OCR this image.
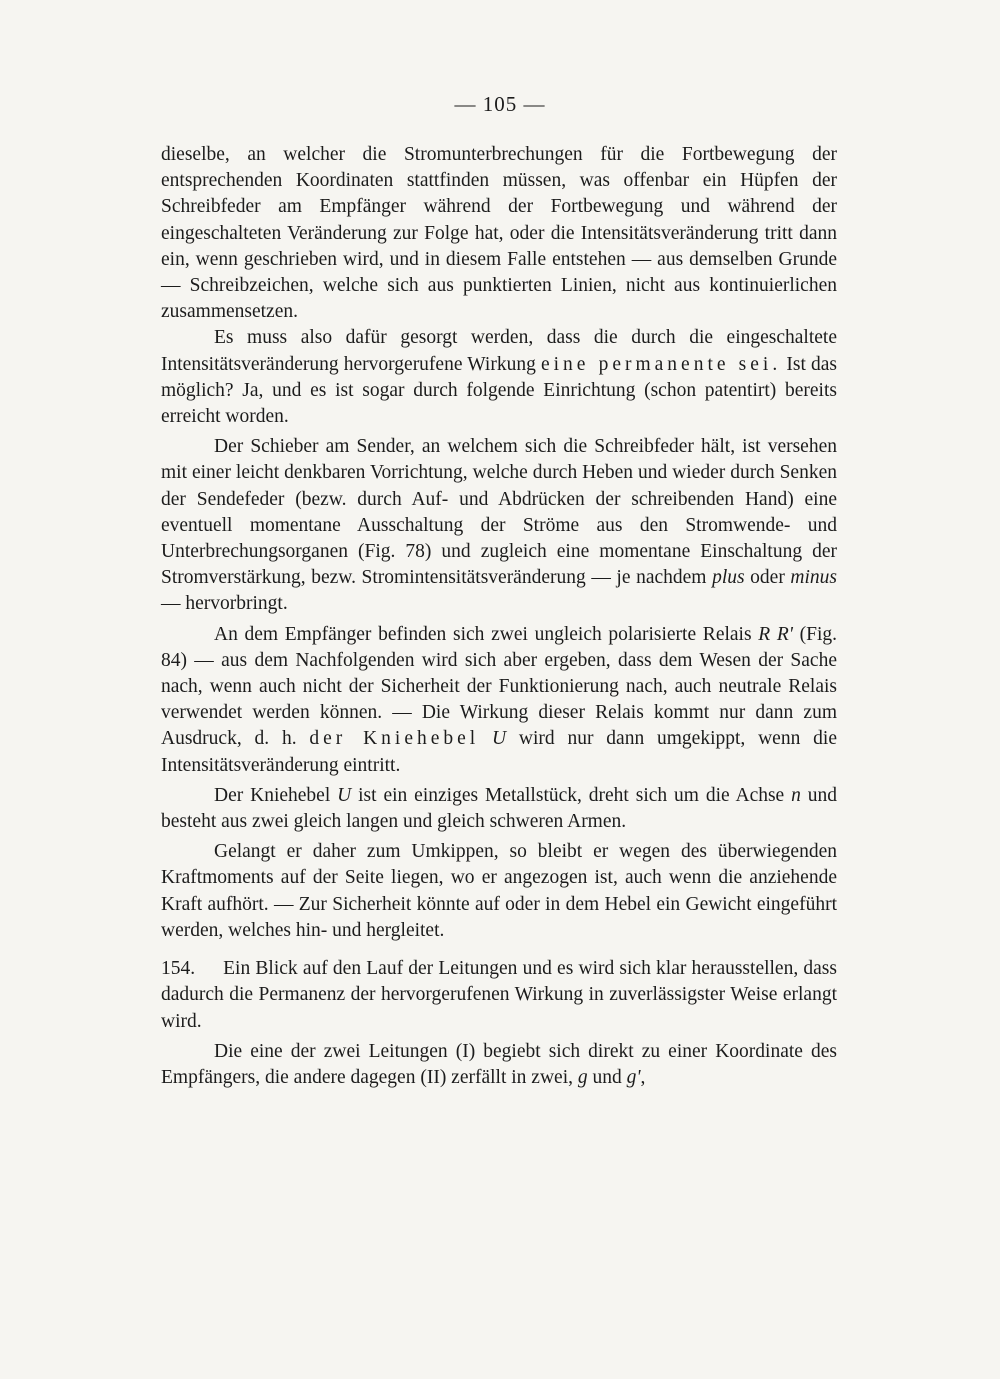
— 105 —

dieselbe, an welcher die Stromunterbrechungen für die Fortbewegung der entsprechenden Koordinaten stattfinden müssen, was offenbar ein Hüpfen der Schreibfeder am Empfänger während der Fortbewegung und während der eingeschalteten Veränderung zur Folge hat, oder die Intensitätsveränderung tritt dann ein, wenn geschrieben wird, und in diesem Falle entstehen — aus demselben Grunde — Schreibzeichen, welche sich aus punktierten Linien, nicht aus kontinuierlichen zusammensetzen.

Es muss also dafür gesorgt werden, dass die durch die eingeschaltete Intensitätsveränderung hervorgerufene Wirkung eine permanente sei. Ist das möglich? Ja, und es ist sogar durch folgende Einrichtung (schon patentirt) bereits erreicht worden.

Der Schieber am Sender, an welchem sich die Schreibfeder hält, ist versehen mit einer leicht denkbaren Vorrichtung, welche durch Heben und wieder durch Senken der Sendefeder (bezw. durch Auf- und Abdrücken der schreibenden Hand) eine eventuell momentane Ausschaltung der Ströme aus den Stromwende- und Unterbrechungsorganen (Fig. 78) und zugleich eine momentane Einschaltung der Stromverstärkung, bezw. Stromintensitätsveränderung — je nachdem plus oder minus — hervorbringt.

An dem Empfänger befinden sich zwei ungleich polarisierte Relais R R' (Fig. 84) — aus dem Nachfolgenden wird sich aber ergeben, dass dem Wesen der Sache nach, wenn auch nicht der Sicherheit der Funktionierung nach, auch neutrale Relais verwendet werden können. — Die Wirkung dieser Relais kommt nur dann zum Ausdruck, d. h. der Kniehebel U wird nur dann umgekippt, wenn die Intensitätsveränderung eintritt.

Der Kniehebel U ist ein einziges Metallstück, dreht sich um die Achse n und besteht aus zwei gleich langen und gleich schweren Armen.

Gelangt er daher zum Umkippen, so bleibt er wegen des überwiegenden Kraftmoments auf der Seite liegen, wo er angezogen ist, auch wenn die anziehende Kraft aufhört. — Zur Sicherheit könnte auf oder in dem Hebel ein Gewicht eingeführt werden, welches hin- und hergleitet.

154. Ein Blick auf den Lauf der Leitungen und es wird sich klar herausstellen, dass dadurch die Permanenz der hervorgerufenen Wirkung in zuverlässigster Weise erlangt wird.

Die eine der zwei Leitungen (I) begiebt sich direkt zu einer Koordinate des Empfängers, die andere dagegen (II) zerfällt in zwei, g und g',
